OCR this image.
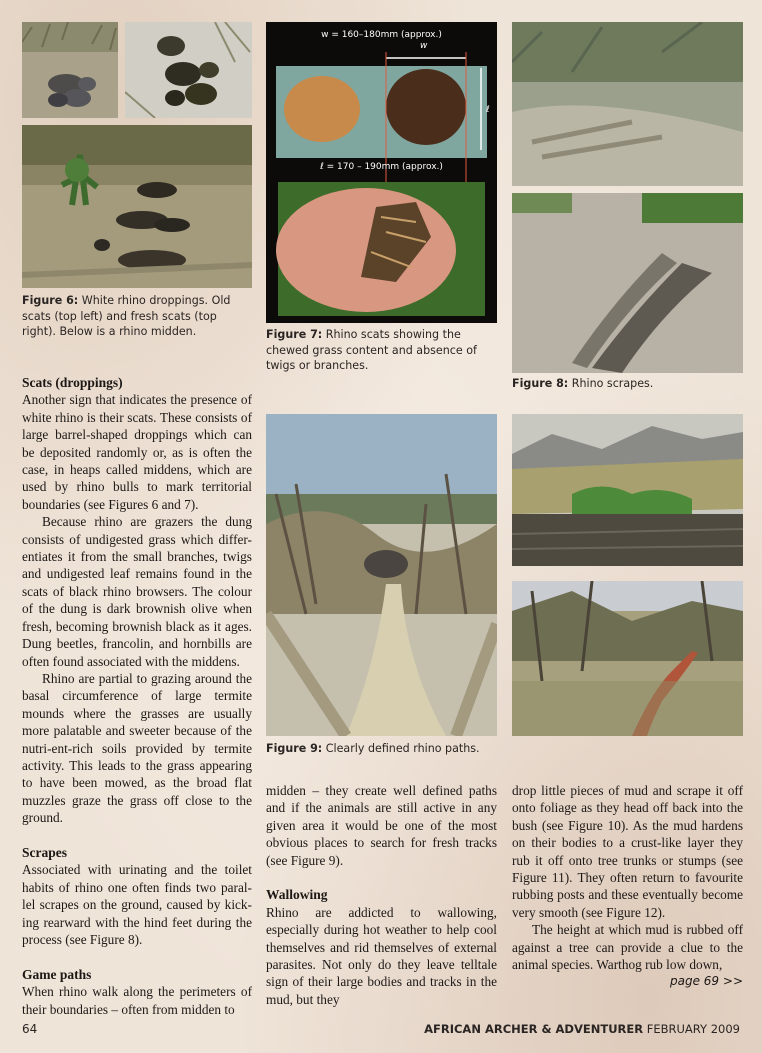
w = 160–180mm (approx.)
w
ℓ
ℓ = 170 – 190mm (approx.)

Figure 6: White rhino droppings. Old scats (top left) and fresh scats (top right). Below is a rhino midden.	Figure 7: Rhino scats showing the chewed grass content and absence of twigs or branches.

Figure 8: Rhino scrapes.

Figure 9: Clearly defined rhino paths.

Scats (droppings)

Another sign that indicates the presence of white rhino is their scats. These consists of large barrel-shaped droppings which can be deposited randomly or, as is often the case, in heaps called middens, which are used by rhino bulls to mark territorial boundaries (see Figures 6 and 7).

Because rhino are grazers the dung consists of undigested grass which differ-entiates it from the small branches, twigs and undigested leaf remains found in the scats of black rhino browsers. The colour of the dung is dark brownish olive when fresh, becoming brownish black as it ages. Dung beetles, francolin, and hornbills are often found associated with the middens.

Rhino are partial to grazing around the basal circumference of large termite mounds where the grasses are usually more palatable and sweeter because of the nutri-ent-rich soils provided by termite activity. This leads to the grass appearing to have been mowed, as the broad flat muzzles graze the grass off close to the ground.

Scrapes

Associated with urinating and the toilet habits of rhino one often finds two paral-lel scrapes on the ground, caused by kick-ing rearward with the hind feet during the process (see Figure 8).

Game paths

When rhino walk along the perimeters of their boundaries – often from midden to

midden – they create well defined paths and if the animals are still active in any given area it would be one of the most obvious places to search for fresh tracks (see Figure 9).

Wallowing

Rhino are addicted to wallowing, especially during hot weather to help cool themselves and rid themselves of external parasites. Not only do they leave telltale sign of their large bodies and tracks in the mud, but they

drop little pieces of mud and scrape it off onto foliage as they head off back into the bush (see Figure 10). As the mud hardens on their bodies to a crust-like layer they rub it off onto tree trunks or stumps (see Figure 11). They often return to favourite rubbing posts and these eventually become very smooth (see Figure 12).

The height at which mud is rubbed off against a tree can provide a clue to the animal species. Warthog rub low down,

page 69 >>
64	AFRICAN ARCHER & ADVENTURER FEBRUARY 2009
